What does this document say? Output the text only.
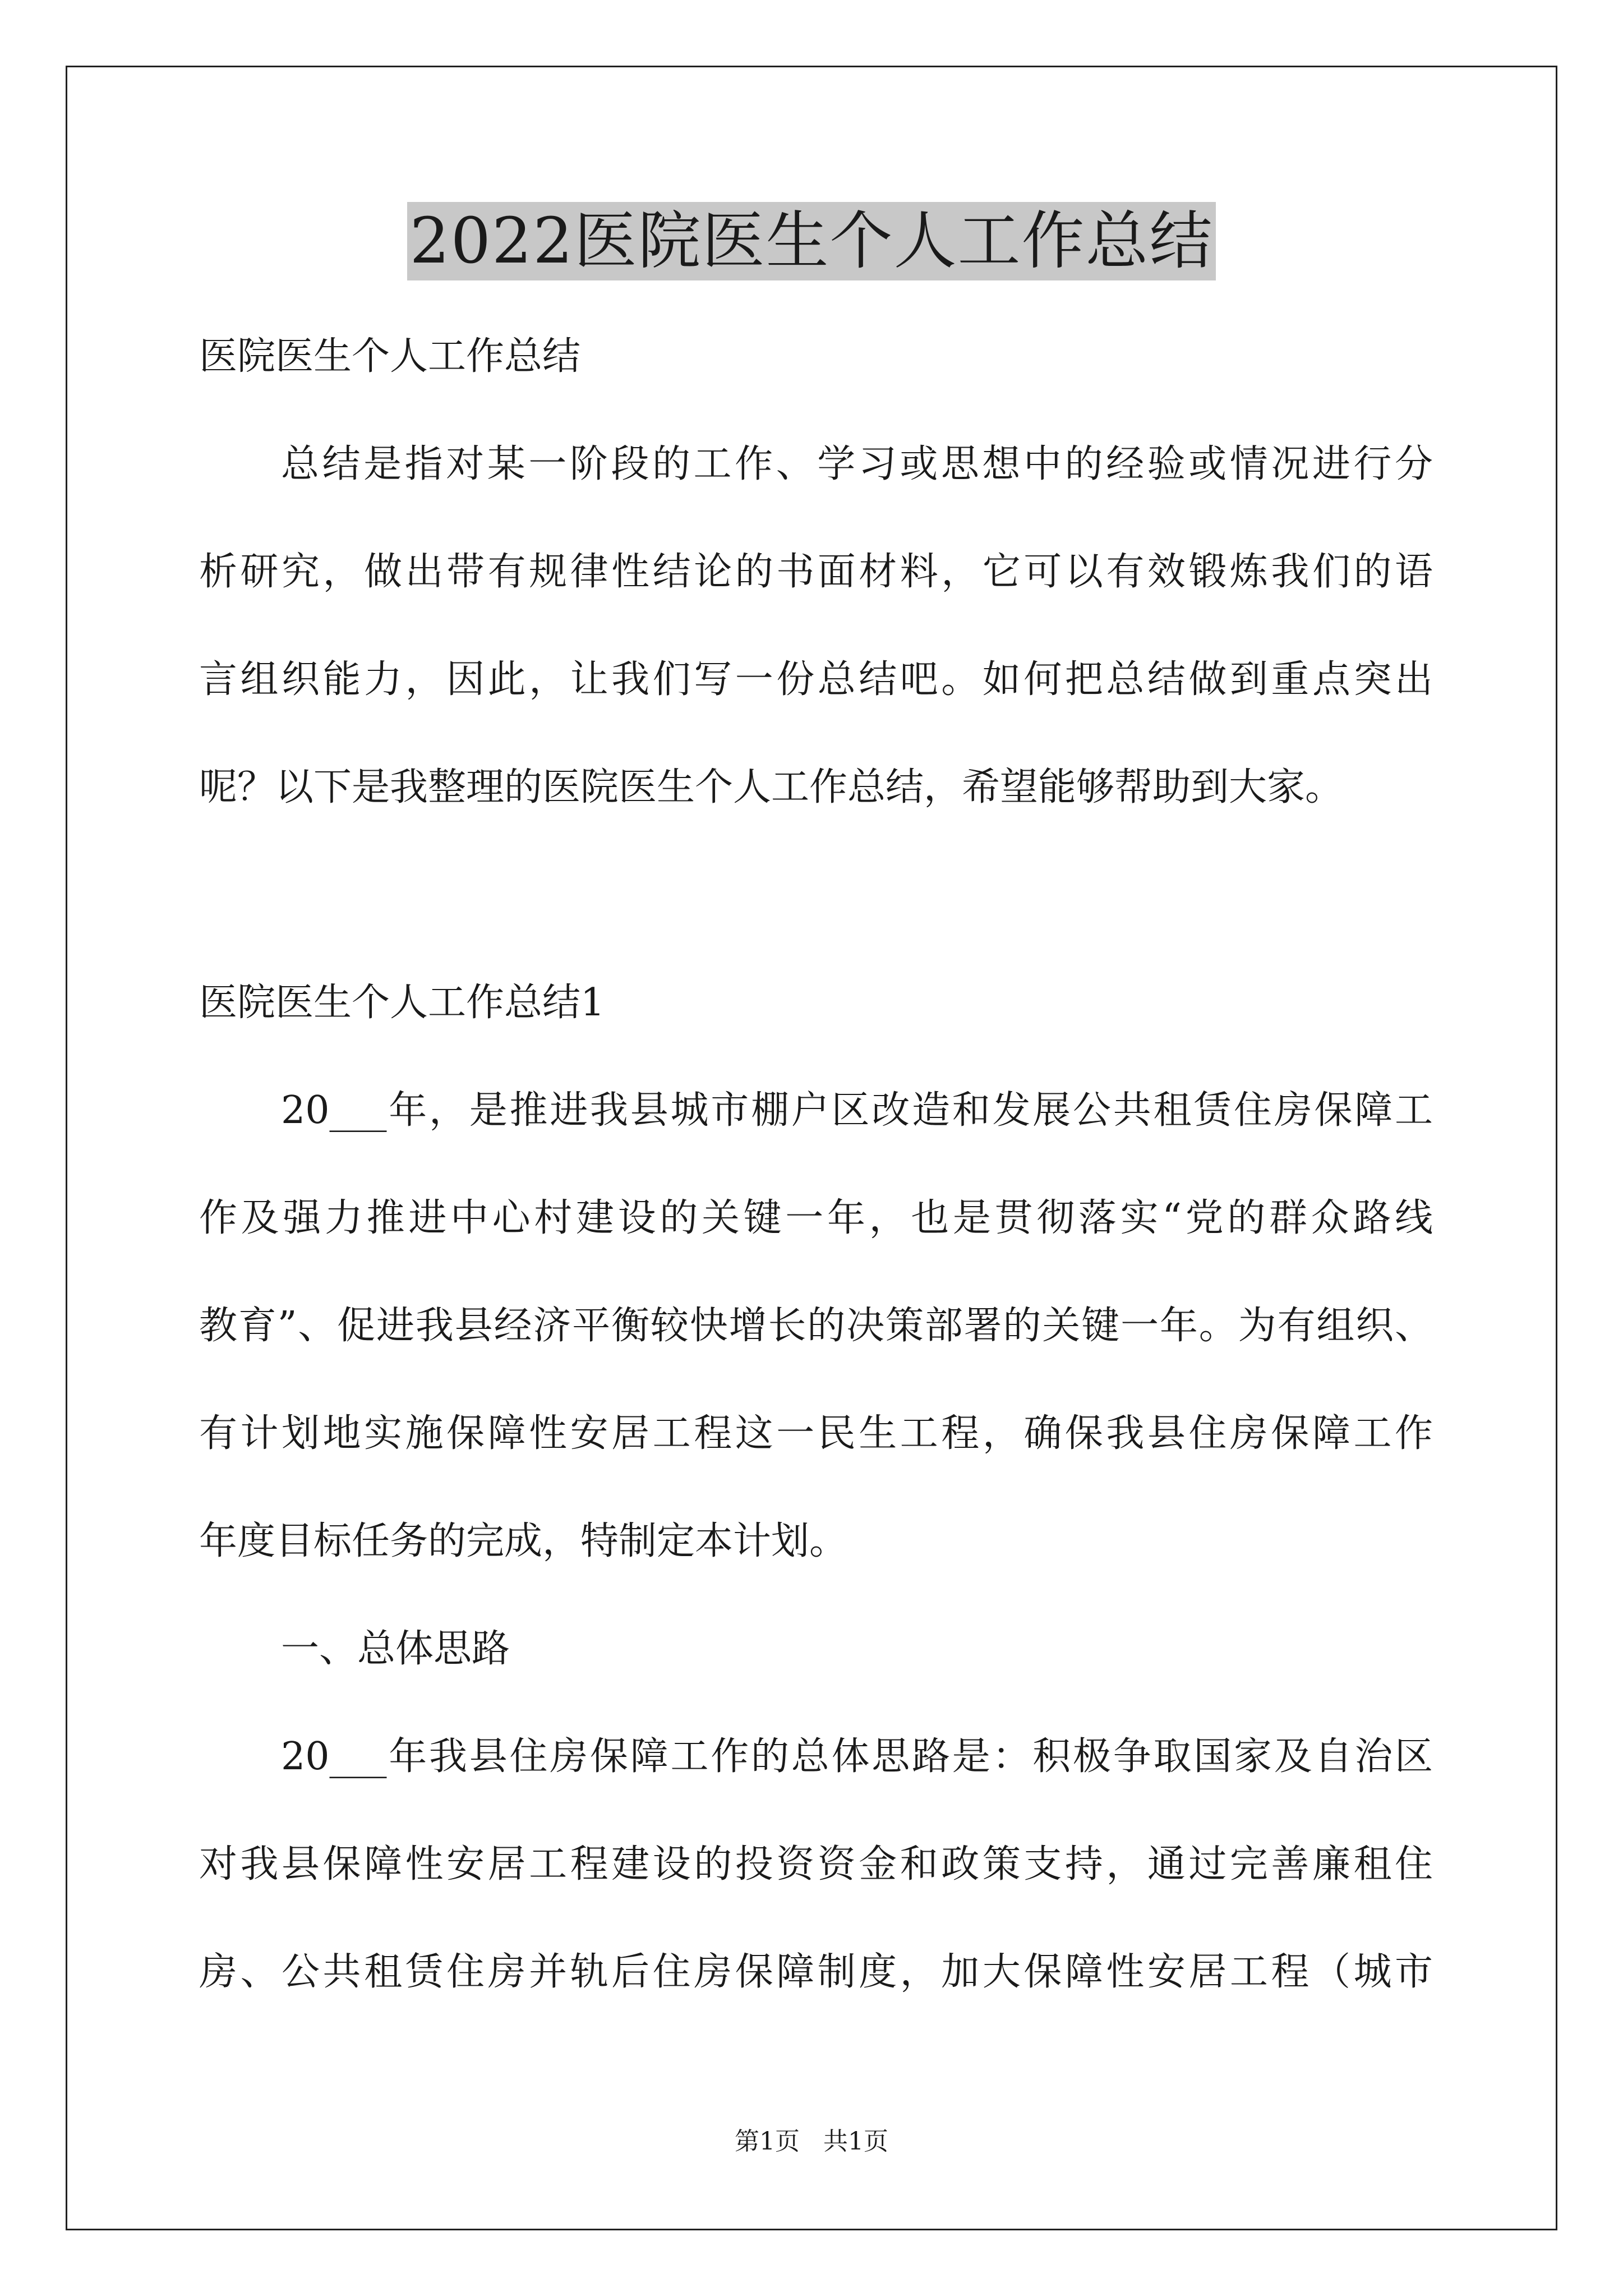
2022医院医生个人工作总结
医院医生个人工作总结
总结是指对某一阶段的工作、学习或思想中的经验或情况进行分
析研究，做出带有规律性结论的书面材料，它可以有效锻炼我们的语
言组织能力，因此，让我们写一份总结吧。如何把总结做到重点突出
呢？以下是我整理的医院医生个人工作总结，希望能够帮助到大家。
医院医生个人工作总结1
20___年，是推进我县城市棚户区改造和发展公共租赁住房保障工
作及强力推进中心村建设的关键一年，也是贯彻落实“党的群众路线
教育”、促进我县经济平衡较快增长的决策部署的关键一年。为有组织、
有计划地实施保障性安居工程这一民生工程，确保我县住房保障工作
年度目标任务的完成，特制定本计划。
一、总体思路
20___年我县住房保障工作的总体思路是：积极争取国家及自治区
对我县保障性安居工程建设的投资资金和政策支持，通过完善廉租住
房、公共租赁住房并轨后住房保障制度，加大保障性安居工程（城市
第1页   共1页
